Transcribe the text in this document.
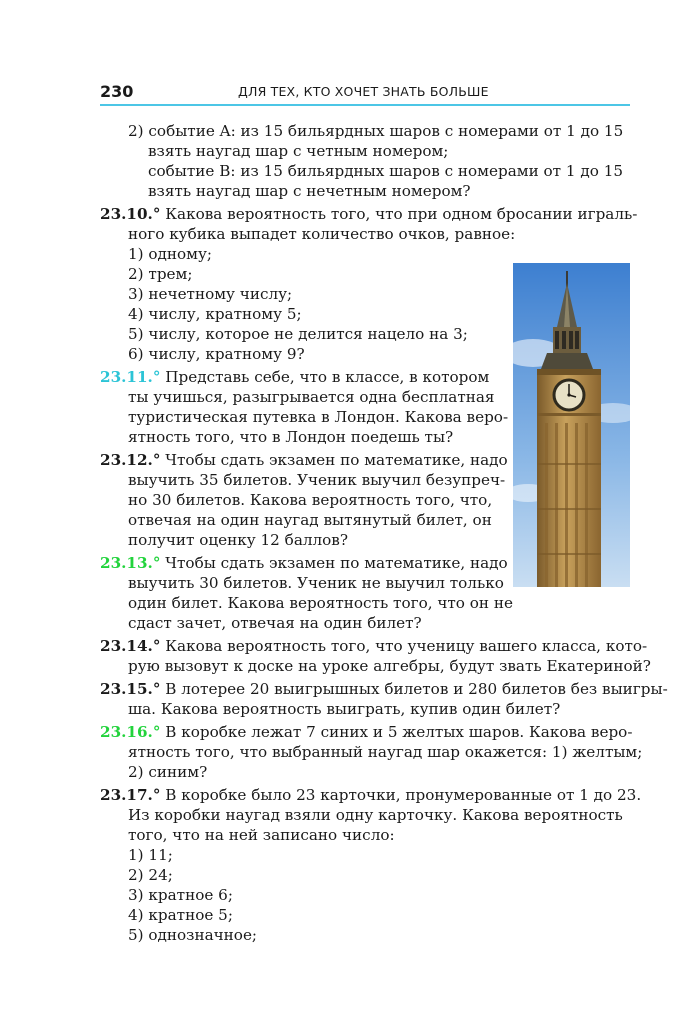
230	ДЛЯ ТЕХ, КТО ХОЧЕТ ЗНАТЬ БОЛЬШЕ
2) событие A: из 15 бильярдных шаров с номерами от 1 до 15
взять наугад шар с четным номером;
событие B: из 15 бильярдных шаров с номерами от 1 до 15
взять наугад шар с нечетным номером?
23.10.° Какова вероятность того, что при одном бросании играль-
ного кубика выпадет количество очков, равное:
1) одному;
2) трем;
3) нечетному числу;
4) числу, кратному 5;
5) числу, которое не делится нацело на 3;
6) числу, кратному 9?
23.11.° Представь себе, что в классе, в котором
ты учишься, разыгрывается одна бесплатная
туристическая путевка в Лондон. Какова веро-
ятность того, что в Лондон поедешь ты?
23.12.° Чтобы сдать экзамен по математике, надо
выучить 35 билетов. Ученик выучил безупреч-
но 30 билетов. Какова вероятность того, что,
отвечая на один наугад вытянутый билет, он
получит оценку 12 баллов?
23.13.° Чтобы сдать экзамен по математике, надо
выучить 30 билетов. Ученик не выучил только
один билет. Какова вероятность того, что он не
сдаст зачет, отвечая на один билет?
23.14.° Какова вероятность того, что ученицу вашего класса, кото-
рую вызовут к доске на уроке алгебры, будут звать Екатериной?
23.15.° В лотерее 20 выигрышных билетов и 280 билетов без выигры-
ша. Какова вероятность выиграть, купив один билет?
23.16.° В коробке лежат 7 синих и 5 желтых шаров. Какова веро-
ятность того, что выбранный наугад шар окажется: 1) желтым;
2) синим?
23.17.° В коробке было 23 карточки, пронумерованные от 1 до 23.
Из коробки наугад взяли одну карточку. Какова вероятность
того, что на ней записано число:
1) 11;
2) 24;
3) кратное 6;
4) кратное 5;
5) однозначное;
